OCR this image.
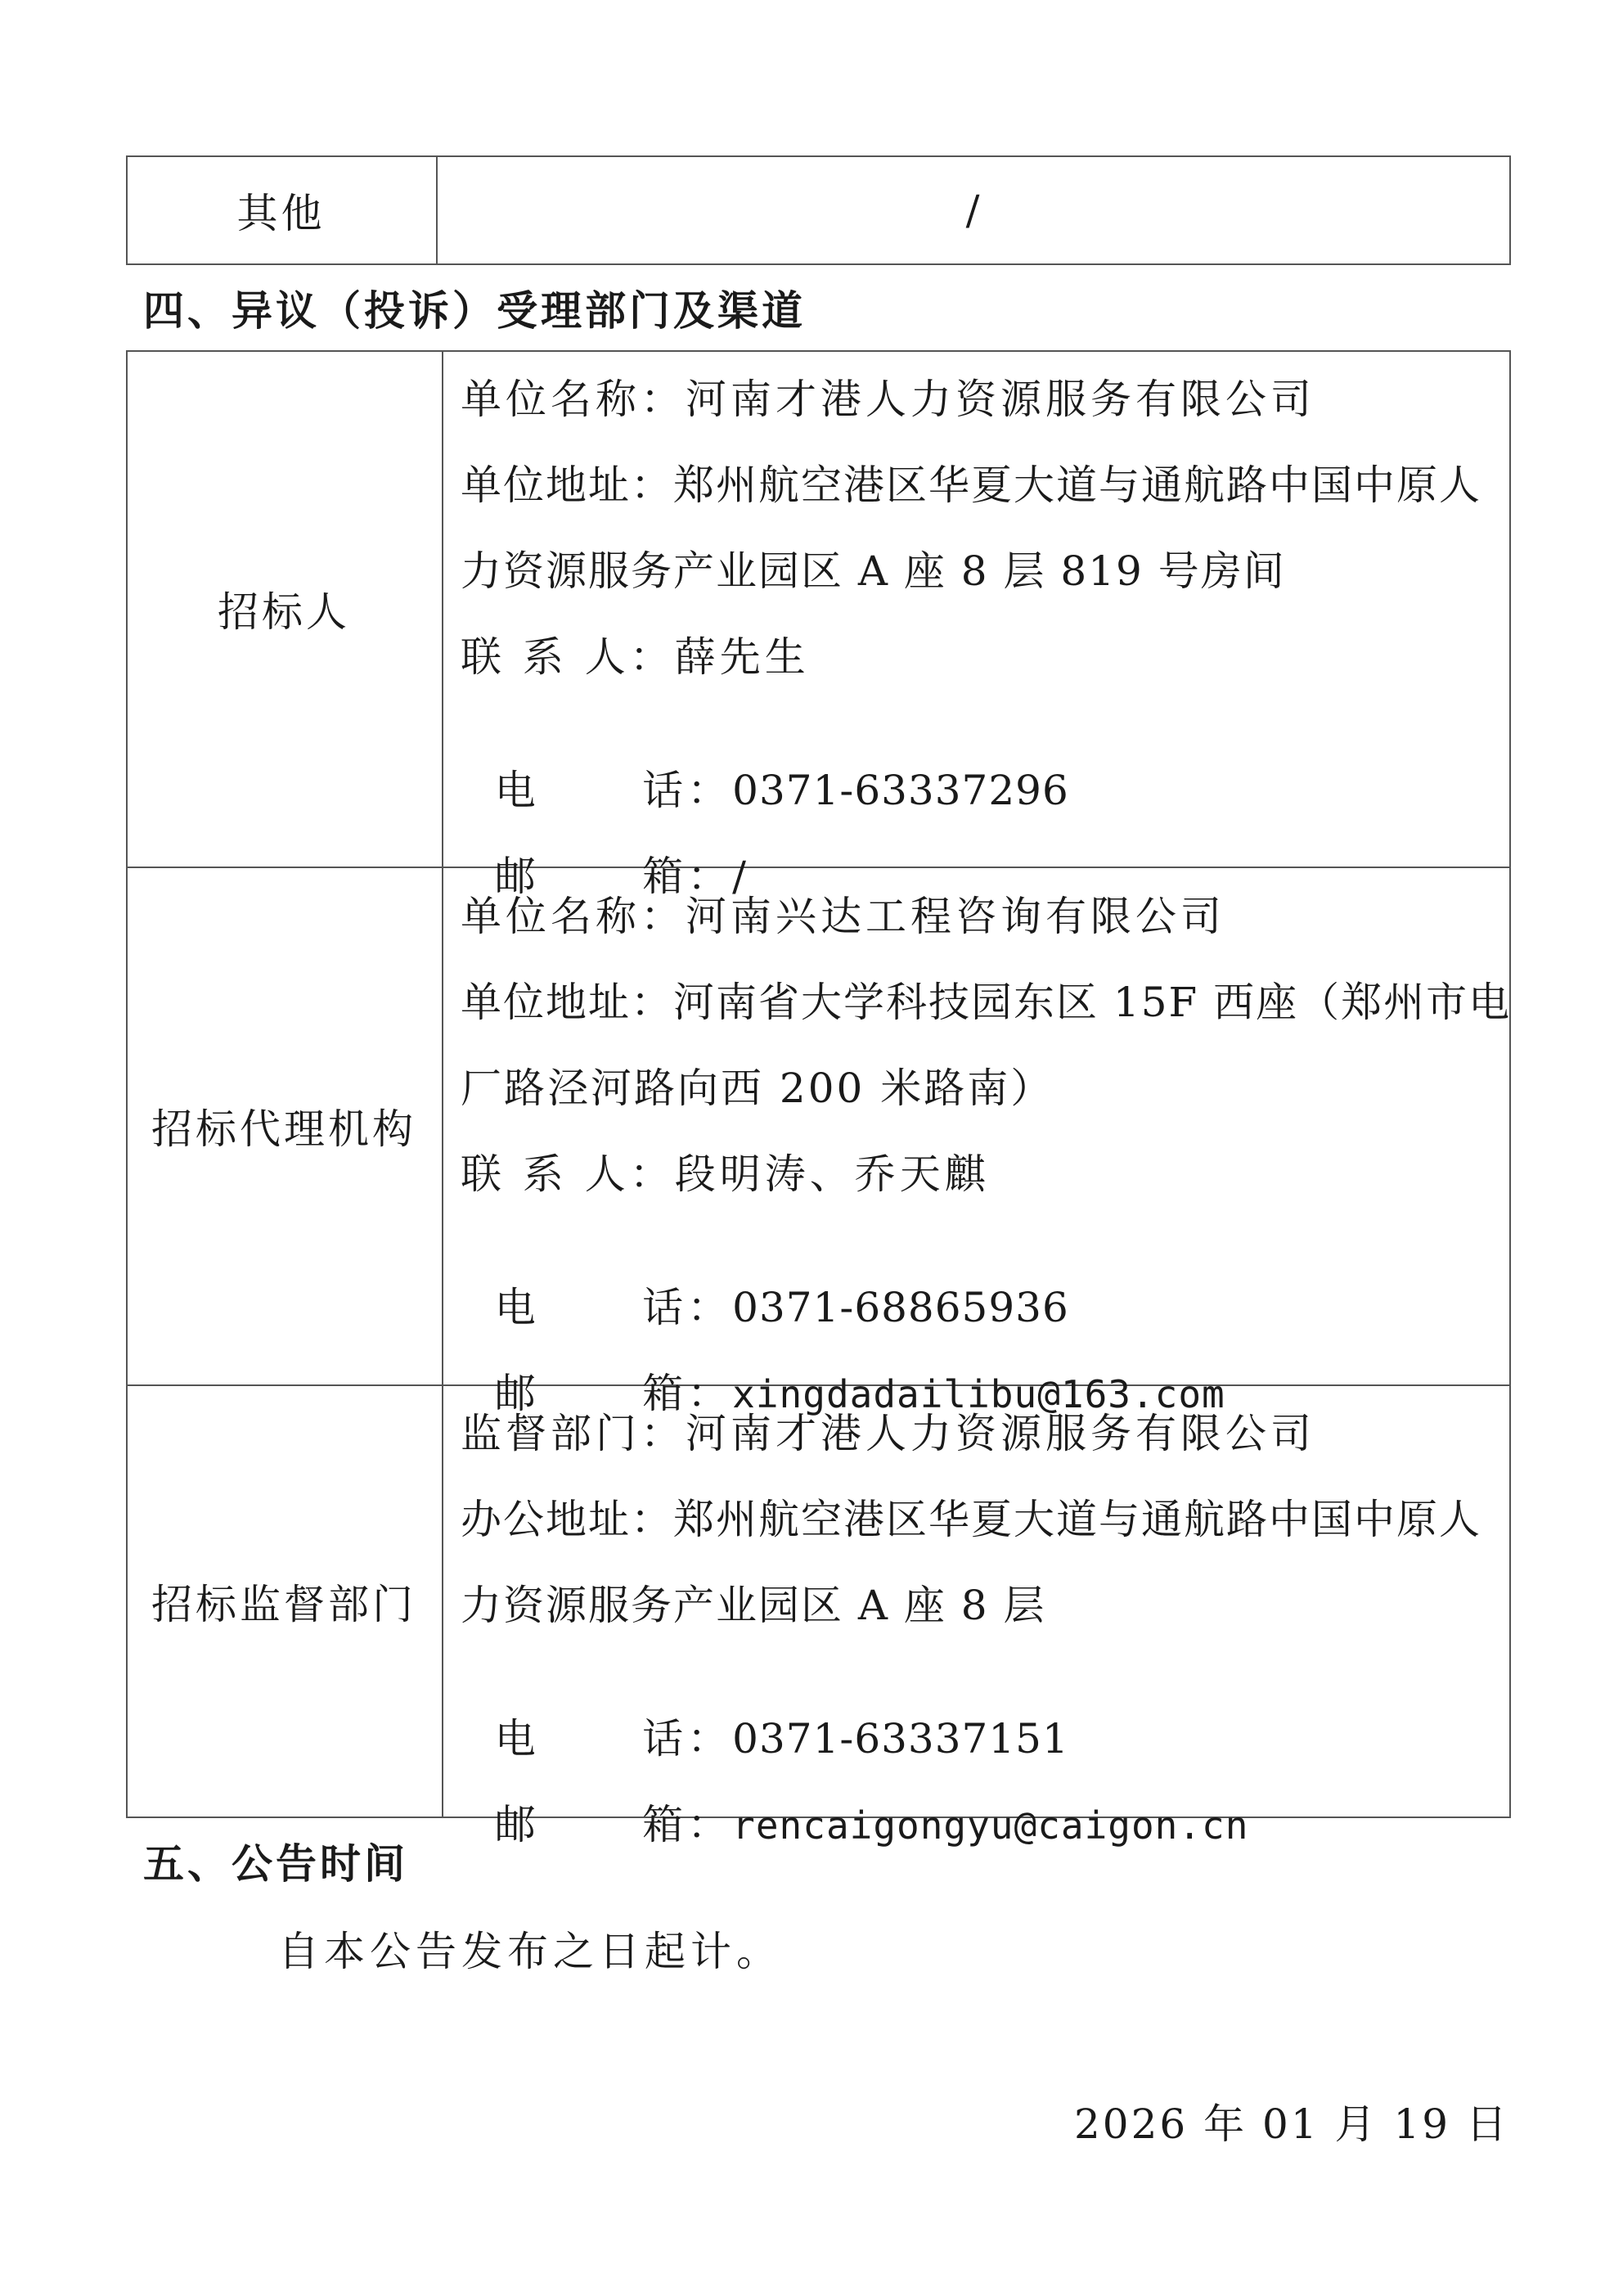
其他	/
四、异议（投诉）受理部门及渠道
招标人
单位名称：河南才港人力资源服务有限公司
单位地址：郑州航空港区华夏大道与通航路中国中原人
力资源服务产业园区 A 座 8 层 819 号房间
联 系 人：薛先生

电      话：0371-63337296

邮      箱：/

招标代理机构
单位名称：河南兴达工程咨询有限公司
单位地址：河南省大学科技园东区 15F 西座（郑州市电
厂路泾河路向西 200 米路南）
联 系 人：段明涛、乔天麒

电      话：0371-68865936

邮      箱：xingdadailibu@163.com

招标监督部门
监督部门：河南才港人力资源服务有限公司
办公地址：郑州航空港区华夏大道与通航路中国中原人
力资源服务产业园区 A 座 8 层

电      话：0371-63337151

邮      箱：rencaigongyu@caigon.cn

五、公告时间
自本公告发布之日起计。
2026 年 01 月 19 日
